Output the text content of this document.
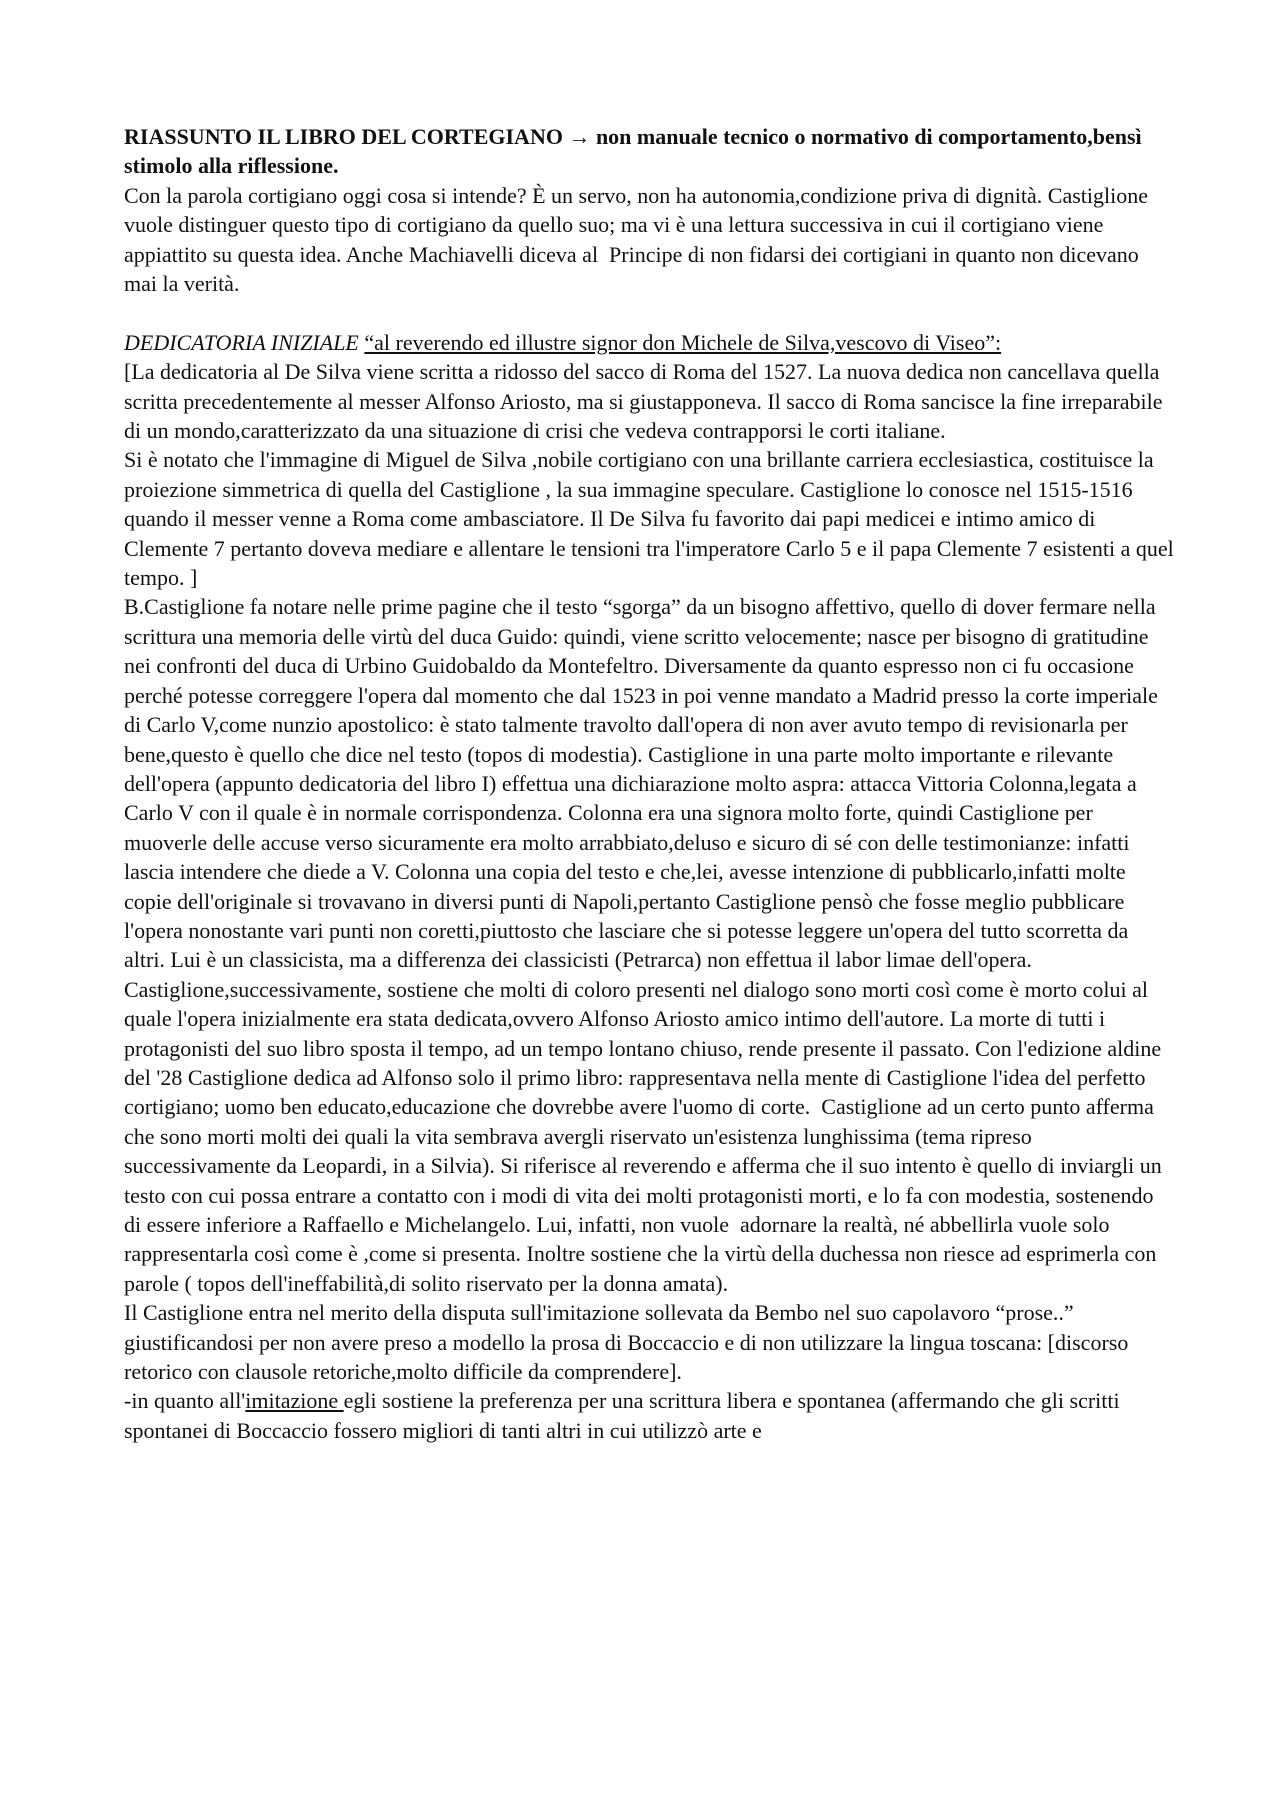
RIASSUNTO IL LIBRO DEL CORTEGIANO → non manuale tecnico o normativo di comportamento,bensì stimolo alla riflessione.

Con la parola cortigiano oggi cosa si intende? È un servo, non ha autonomia,condizione priva di dignità. Castiglione vuole distinguer questo tipo di cortigiano da quello suo; ma vi è una lettura successiva in cui il cortigiano viene appiattito su questa idea. Anche Machiavelli diceva al  Principe di non fidarsi dei cortigiani in quanto non dicevano mai la verità.

DEDICATORIA INIZIALE “al reverendo ed illustre signor don Michele de Silva,vescovo di Viseo”:

[La dedicatoria al De Silva viene scritta a ridosso del sacco di Roma del 1527. La nuova dedica non cancellava quella scritta precedentemente al messer Alfonso Ariosto, ma si giustapponeva. Il sacco di Roma sancisce la fine irreparabile di un mondo,caratterizzato da una situazione di crisi che vedeva contrapporsi le corti italiane.

Si è notato che l'immagine di Miguel de Silva ,nobile cortigiano con una brillante carriera ecclesiastica, costituisce la proiezione simmetrica di quella del Castiglione , la sua immagine speculare. Castiglione lo conosce nel 1515-1516 quando il messer venne a Roma come ambasciatore. Il De Silva fu favorito dai papi medicei e intimo amico di Clemente 7 pertanto doveva mediare e allentare le tensioni tra l'imperatore Carlo 5 e il papa Clemente 7 esistenti a quel tempo. ]

B.Castiglione fa notare nelle prime pagine che il testo “sgorga” da un bisogno affettivo, quello di dover fermare nella scrittura una memoria delle virtù del duca Guido: quindi, viene scritto velocemente; nasce per bisogno di gratitudine nei confronti del duca di Urbino Guidobaldo da Montefeltro. Diversamente da quanto espresso non ci fu occasione perché potesse correggere l'opera dal momento che dal 1523 in poi venne mandato a Madrid presso la corte imperiale di Carlo V,come nunzio apostolico: è stato talmente travolto dall'opera di non aver avuto tempo di revisionarla per bene,questo è quello che dice nel testo (topos di modestia). Castiglione in una parte molto importante e rilevante dell'opera (appunto dedicatoria del libro I) effettua una dichiarazione molto aspra: attacca Vittoria Colonna,legata a Carlo V con il quale è in normale corrispondenza. Colonna era una signora molto forte, quindi Castiglione per muoverle delle accuse verso sicuramente era molto arrabbiato,deluso e sicuro di sé con delle testimonianze: infatti lascia intendere che diede a V. Colonna una copia del testo e che,lei, avesse intenzione di pubblicarlo,infatti molte copie dell'originale si trovavano in diversi punti di Napoli,pertanto Castiglione pensò che fosse meglio pubblicare l'opera nonostante vari punti non coretti,piuttosto che lasciare che si potesse leggere un'opera del tutto scorretta da altri. Lui è un classicista, ma a differenza dei classicisti (Petrarca) non effettua il labor limae dell'opera.

Castiglione,successivamente, sostiene che molti di coloro presenti nel dialogo sono morti così come è morto colui al quale l'opera inizialmente era stata dedicata,ovvero Alfonso Ariosto amico intimo dell'autore. La morte di tutti i protagonisti del suo libro sposta il tempo, ad un tempo lontano chiuso, rende presente il passato. Con l'edizione aldine del '28 Castiglione dedica ad Alfonso solo il primo libro: rappresentava nella mente di Castiglione l'idea del perfetto cortigiano; uomo ben educato,educazione che dovrebbe avere l'uomo di corte.  Castiglione ad un certo punto afferma che sono morti molti dei quali la vita sembrava avergli riservato un'esistenza lunghissima (tema ripreso successivamente da Leopardi, in a Silvia). Si riferisce al reverendo e afferma che il suo intento è quello di inviargli un testo con cui possa entrare a contatto con i modi di vita dei molti protagonisti morti, e lo fa con modestia, sostenendo di essere inferiore a Raffaello e Michelangelo. Lui, infatti, non vuole  adornare la realtà, né abbellirla vuole solo rappresentarla così come è ,come si presenta. Inoltre sostiene che la virtù della duchessa non riesce ad esprimerla con parole ( topos dell'ineffabilità,di solito riservato per la donna amata).

Il Castiglione entra nel merito della disputa sull'imitazione sollevata da Bembo nel suo capolavoro “prose..” giustificandosi per non avere preso a modello la prosa di Boccaccio e di non utilizzare la lingua toscana: [discorso retorico con clausole retoriche,molto difficile da comprendere].

-in quanto all'imitazione egli sostiene la preferenza per una scrittura libera e spontanea (affermando che gli scritti spontanei di Boccaccio fossero migliori di tanti altri in cui utilizzò arte e
